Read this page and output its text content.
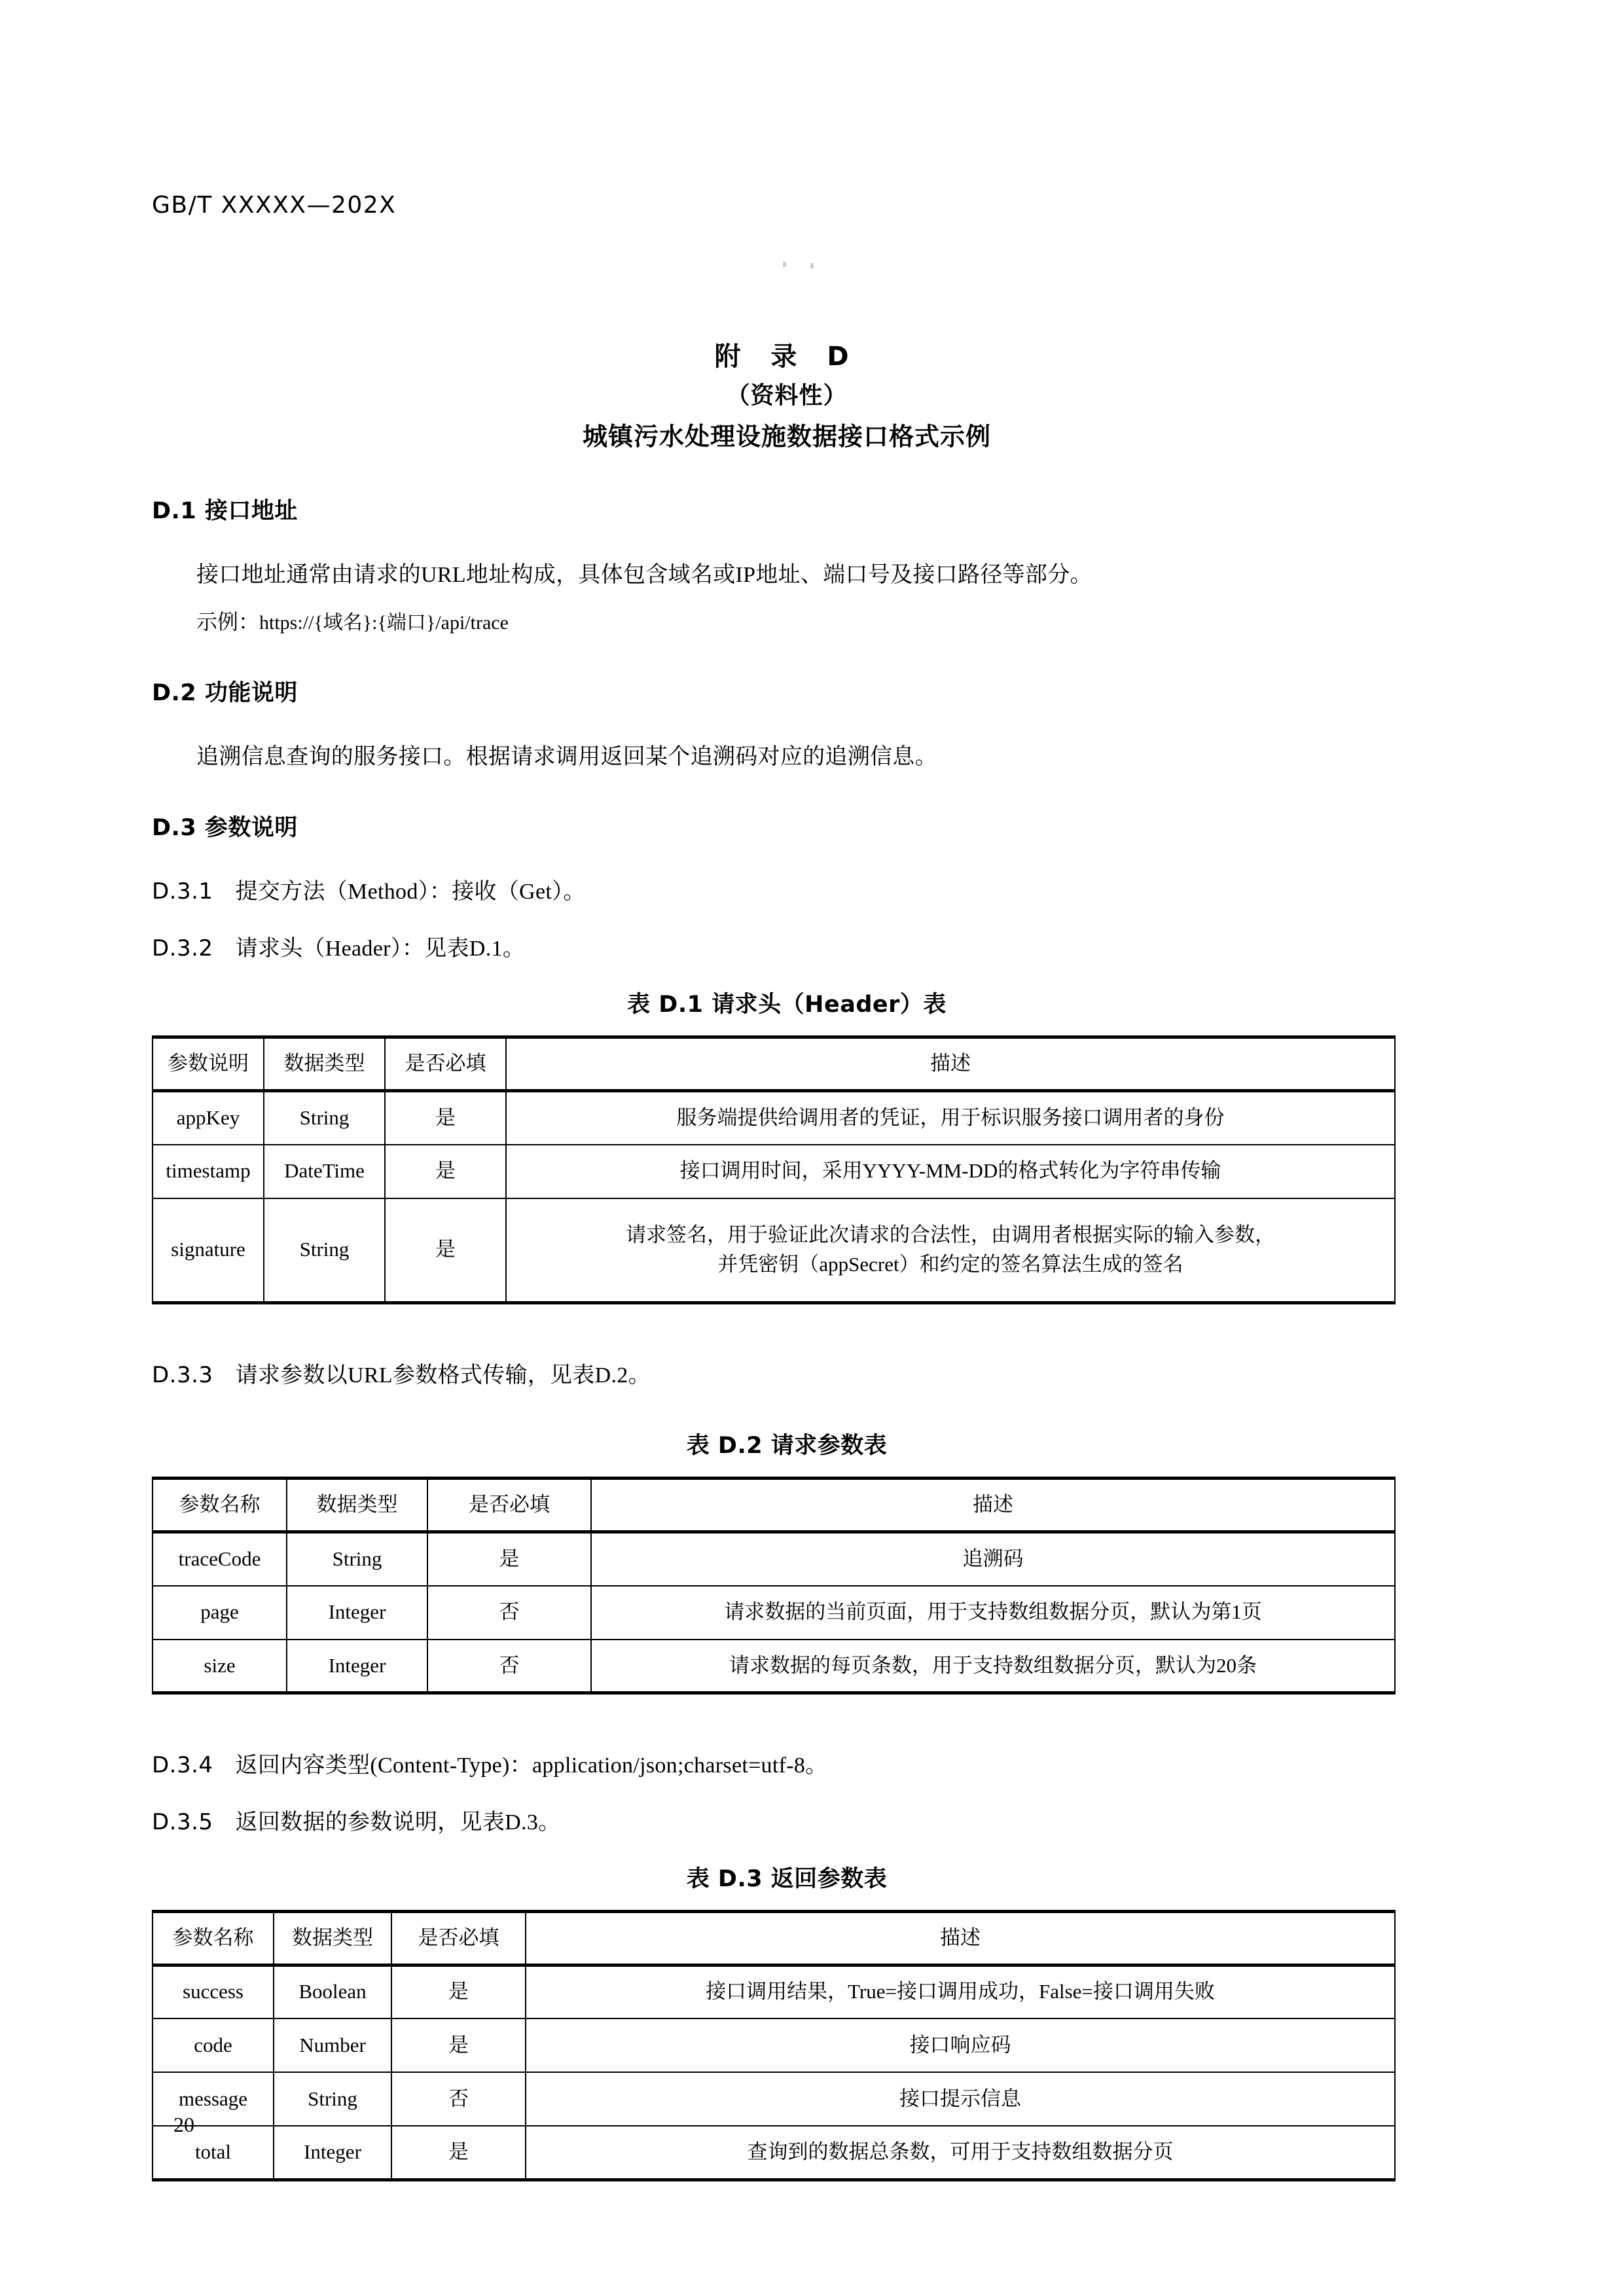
GB/T XXXXX—202X
附 录 D
（资料性）
城镇污水处理设施数据接口格式示例
D.1 接口地址

接口地址通常由请求的URL地址构成，具体包含域名或IP地址、端口号及接口路径等部分。

示例：https://{域名}:{端口}/api/trace

D.2 功能说明

追溯信息查询的服务接口。根据请求调用返回某个追溯码对应的追溯信息。

D.3 参数说明

D.3.1 提交方法（Method）：接收（Get）。

D.3.2 请求头（Header）：见表D.1。

表 D.1 请求头（Header）表
参数说明	数据类型	是否必填	描述
appKey	String	是	服务端提供给调用者的凭证，用于标识服务接口调用者的身份
timestamp	DateTime	是	接口调用时间，采用YYYY-MM-DD的格式转化为字符串传输
signature	String	是	请求签名，用于验证此次请求的合法性，由调用者根据实际的输入参数，
并凭密钥（appSecret）和约定的签名算法生成的签名

D.3.3 请求参数以URL参数格式传输，见表D.2。

表 D.2 请求参数表
参数名称	数据类型	是否必填	描述
traceCode	String	是	追溯码
page	Integer	否	请求数据的当前页面，用于支持数组数据分页，默认为第1页
size	Integer	否	请求数据的每页条数，用于支持数组数据分页，默认为20条

D.3.4 返回内容类型(Content-Type)：application/json;charset=utf-8。

D.3.5 返回数据的参数说明，见表D.3。

表 D.3 返回参数表
参数名称	数据类型	是否必填	描述
success	Boolean	是	接口调用结果，True=接口调用成功，False=接口调用失败
code	Number	是	接口响应码
message	String	否	接口提示信息
total	Integer	是	查询到的数据总条数，可用于支持数组数据分页
20
